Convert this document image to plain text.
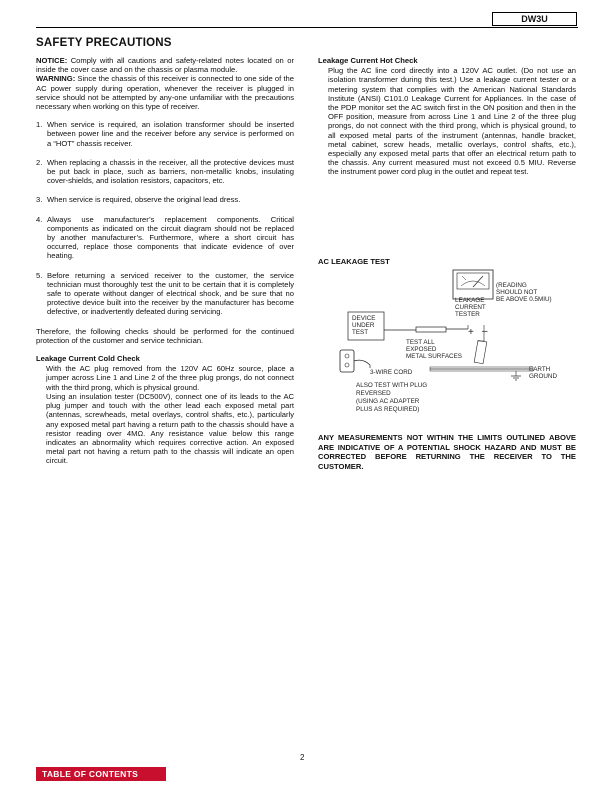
DW3U
SAFETY PRECAUTIONS
NOTICE: Comply with all cautions and safety-related notes located on or inside the cover case and on the chassis or plasma module.
WARNING: Since the chassis of this receiver is connected to one side of the AC power supply during operation, whenever the receiver is plugged in service should not be attempted by any-one unfamiliar with the precautions necessary when working on this type of receiver.
1. When service is required, an isolation transformer should be inserted between power line and the receiver before any service is performed on a “HOT” chassis receiver.
2. When replacing a chassis in the receiver, all the protective devices must be put back in place, such as barriers, non-metallic knobs, insulating cover-shields, and isolation resistors, capacitors, etc.
3. When service is required, observe the original lead dress.
4. Always use manufacturer’s replacement components. Critical components as indicated on the circuit diagram should not be replaced by another manufacturer’s. Furthermore, where a short circuit has occurred, replace those components that indicate evidence of over heating.
5. Before returning a serviced receiver to the customer, the service technician must thoroughly test the unit to be certain that it is completely safe to operate without danger of electrical shock, and be sure that no protective device built into the receiver by the manufacturer has become defective, or inadvertently defeated during servicing.
Therefore, the following checks should be performed for the continued protection of the customer and service technician.
Leakage Current Cold Check
With the AC plug removed from the 120V AC 60Hz source, place a jumper across Line 1 and Line 2 of the three plug prongs, do not connect with the third prong, which is physical ground.
Using an insulation tester (DC500V), connect one of its leads to the AC plug jumper and touch with the other lead each exposed metal part (antennas, screwheads, metal overlays, control shafts, etc.), particularly any exposed metal part having a return path to the chassis should have a resistor reading over 4MΩ. Any resistance value below this range indicates an abnormality which requires corrective action. An exposed metal part not having a return path to the chassis will indicate an open circuit.
Leakage Current Hot Check
Plug the AC line cord directly into a 120V AC outlet. (Do not use an isolation transformer during this test.) Use a leakage current tester or a metering system that complies with the American National Standards Institute (ANSI) C101.0 Leakage Current for Appliances. In the case of the PDP monitor set the AC switch first in the ON position and then in the OFF position, measure from across Line 1 and Line 2 of the three plug prongs, do not connect with the third prong, which is physical ground, to all exposed metal parts of the instrument (antennas, handle bracket, metal cabinet, screw heads, metallic overlays, control shafts, etc.), especially any exposed metal parts that offer an electrical return path to the chassis. Any current measured must not exceed 0.5 MIU. Reverse the instrument power cord plug in the outlet and repeat test.
AC LEAKAGE TEST
LEAKAGE
CURRENT
TESTER
(READING
SHOULD NOT
BE ABOVE 0.5MIU)
DEVICE
UNDER
TEST	+ –
TEST ALL
EXPOSED
METAL SURFACES
3-WIRE CORD	EARTH
GROUND
ALSO TEST WITH PLUG
REVERSED
(USING AC ADAPTER
PLUS AS REQUIRED)
ANY MEASUREMENTS NOT WITHIN THE LIMITS OUTLINED ABOVE ARE INDICATIVE OF A POTENTIAL SHOCK HAZARD AND MUST BE CORRECTED BEFORE RETURNING THE RECEIVER TO THE CUSTOMER.
2
TABLE OF CONTENTS
